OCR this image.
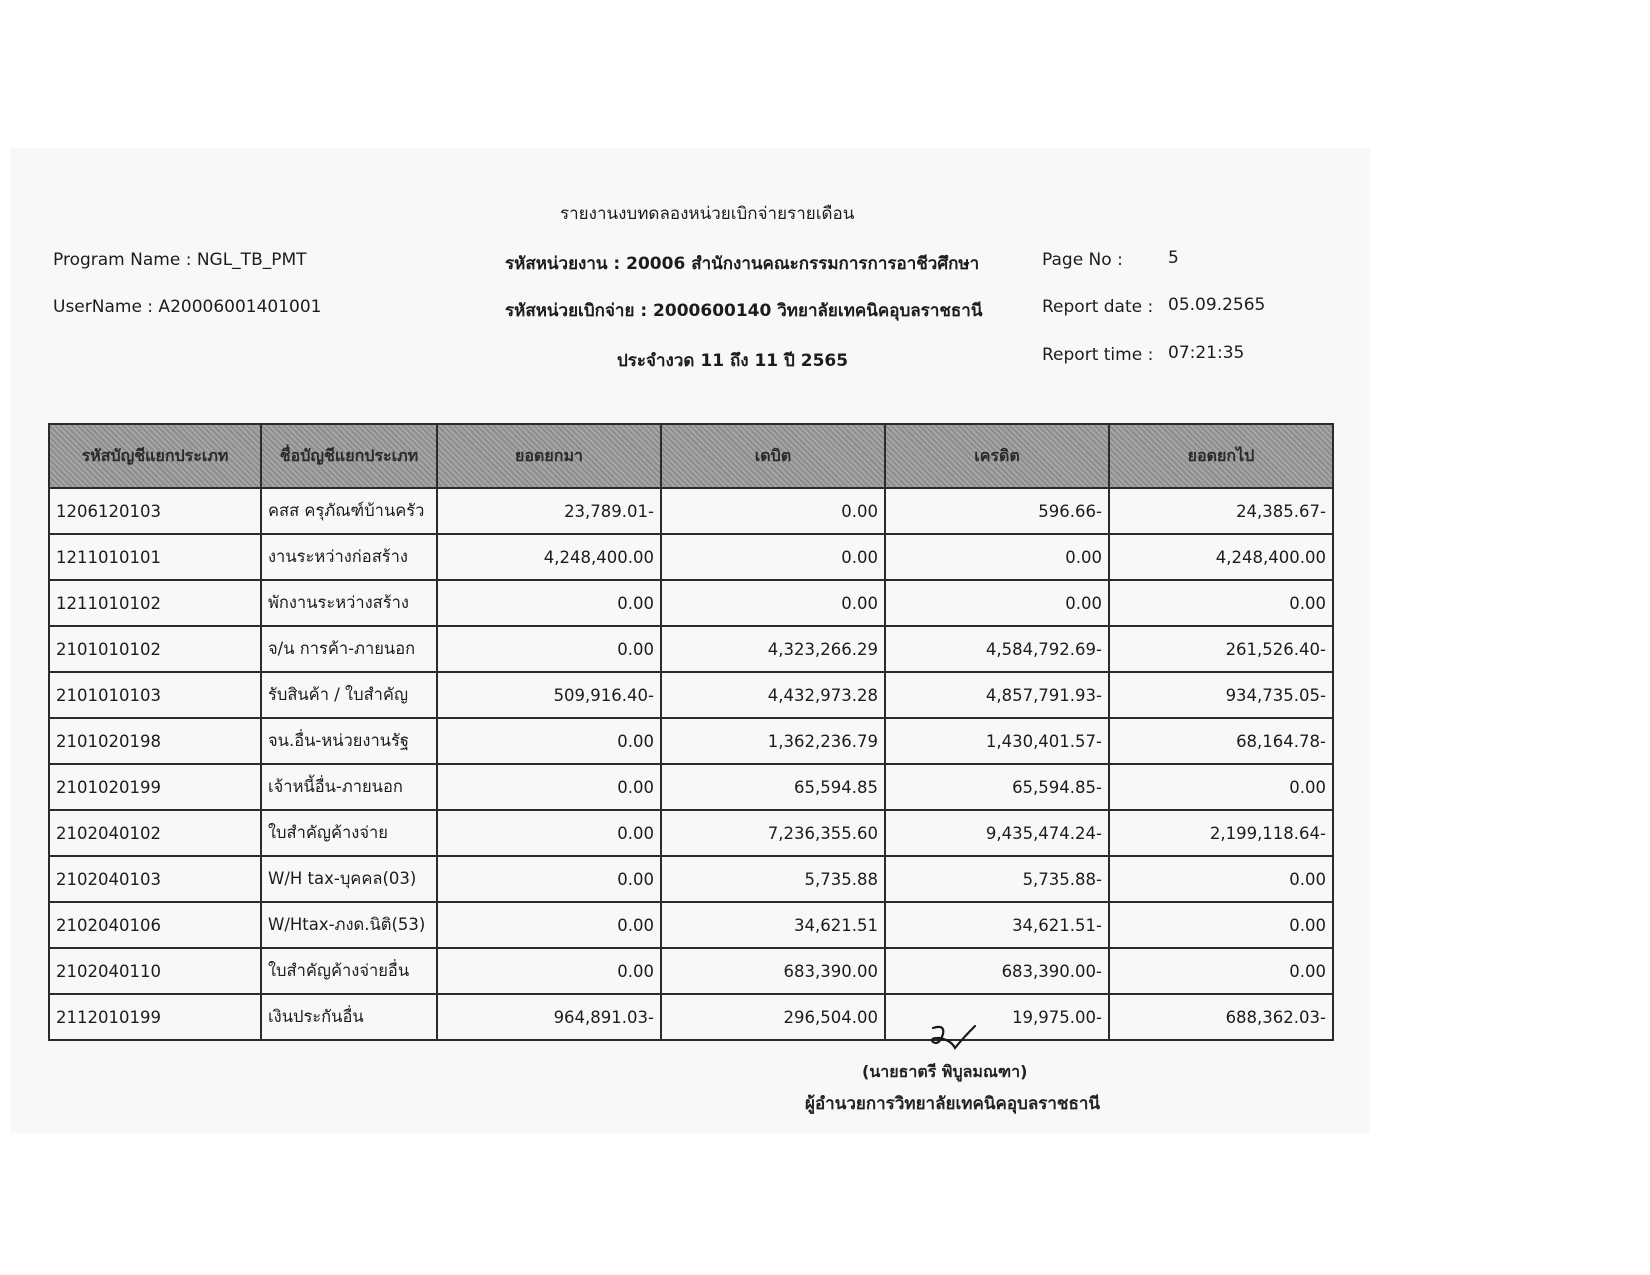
รายงานงบทดลองหน่วยเบิกจ่ายรายเดือน
Program Name : NGL_TB_PMT
UserName : A20006001401001
รหัสหน่วยงาน : 20006 สำนักงานคณะกรรมการการอาชีวศึกษา
รหัสหน่วยเบิกจ่าย : 2000600140 วิทยาลัยเทคนิคอุบลราชธานี
ประจำงวด 11 ถึง 11 ปี 2565
Page No :	5
Report date : 05.09.2565
Report time : 07:21:35
รหัสบัญชีแยกประเภท	ชื่อบัญชีแยกประเภท	ยอดยกมา	เดบิต	เครดิต	ยอดยกไป
1206120103	คสส ครุภัณฑ์บ้านครัว	23,789.01-	0.00	596.66-	24,385.67-
1211010101	งานระหว่างก่อสร้าง	4,248,400.00	0.00	0.00	4,248,400.00
1211010102	พักงานระหว่างสร้าง	0.00	0.00	0.00	0.00
2101010102	จ/น การค้า-ภายนอก	0.00	4,323,266.29	4,584,792.69-	261,526.40-
2101010103	รับสินค้า / ใบสำคัญ	509,916.40-	4,432,973.28	4,857,791.93-	934,735.05-
2101020198	จน.อื่น-หน่วยงานรัฐ	0.00	1,362,236.79	1,430,401.57-	68,164.78-
2101020199	เจ้าหนี้อื่น-ภายนอก	0.00	65,594.85	65,594.85-	0.00
2102040102	ใบสำคัญค้างจ่าย	0.00	7,236,355.60	9,435,474.24-	2,199,118.64-
2102040103	W/H tax-บุคคล(03)	0.00	5,735.88	5,735.88-	0.00
2102040106	W/Htax-ภงด.นิติ(53)	0.00	34,621.51	34,621.51-	0.00
2102040110	ใบสำคัญค้างจ่ายอื่น	0.00	683,390.00	683,390.00-	0.00
2112010199	เงินประกันอื่น	964,891.03-	296,504.00	19,975.00-	688,362.03-
(นายธาตรี พิบูลมณฑา)
ผู้อำนวยการวิทยาลัยเทคนิคอุบลราชธานี
